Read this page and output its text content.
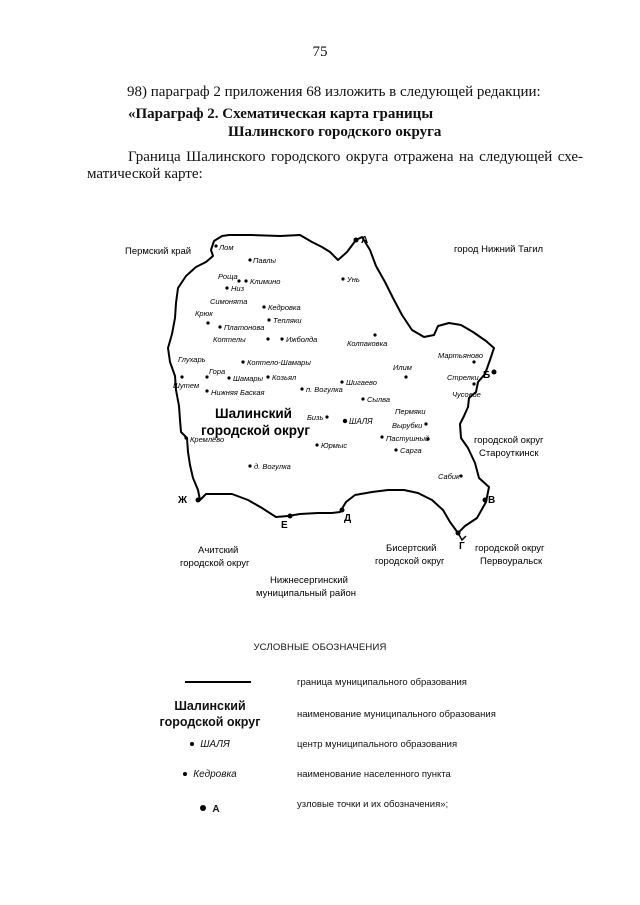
75
98) параграф 2 приложения 68 изложить в следующей редакции:
«Параграф 2. Схематическая карта границы
Шалинского городского округа
Граница Шалинского городского округа отражена на следующей схе-
матической карте:
А
Б
В
Г
Д
Е
Ж
Пермский край	город Нижний Тагил
городской округ
Староуткинск
городской округ
Первоуральск
Бисертский
городской округ
Нижнесергинский
муниципальный район
Ачитский
городской округ
Шалинский
городской округ
Лом
Павлы
Унь
Роща
Климино
Низ
Симонята
Кедровка
Крюк
Тепляки
Платонова
Коптелы	Ижболда	Колпаковка
Глухарь	Коптело-Шамары
Мартьяново
Илим
Гора
Шамары Козьял
Шигаево
Стрелки
Шутем
Чусовое
Нижняя Баская	п. Вогулка
Сылва
Бизь
Пермяки
Вырубки
Пастушный
Сарга
Кремлёво
Юрмыс
Сабик
д. Вогулка
ШАЛЯ
УСЛОВНЫЕ ОБОЗНАЧЕНИЯ
граница муниципального образования
Шалинский
городской округ
наименование муниципального образования
ШАЛЯ	центр муниципального образования
Кедровка	наименование населенного пункта
А	узловые точки и их обозначения»;
